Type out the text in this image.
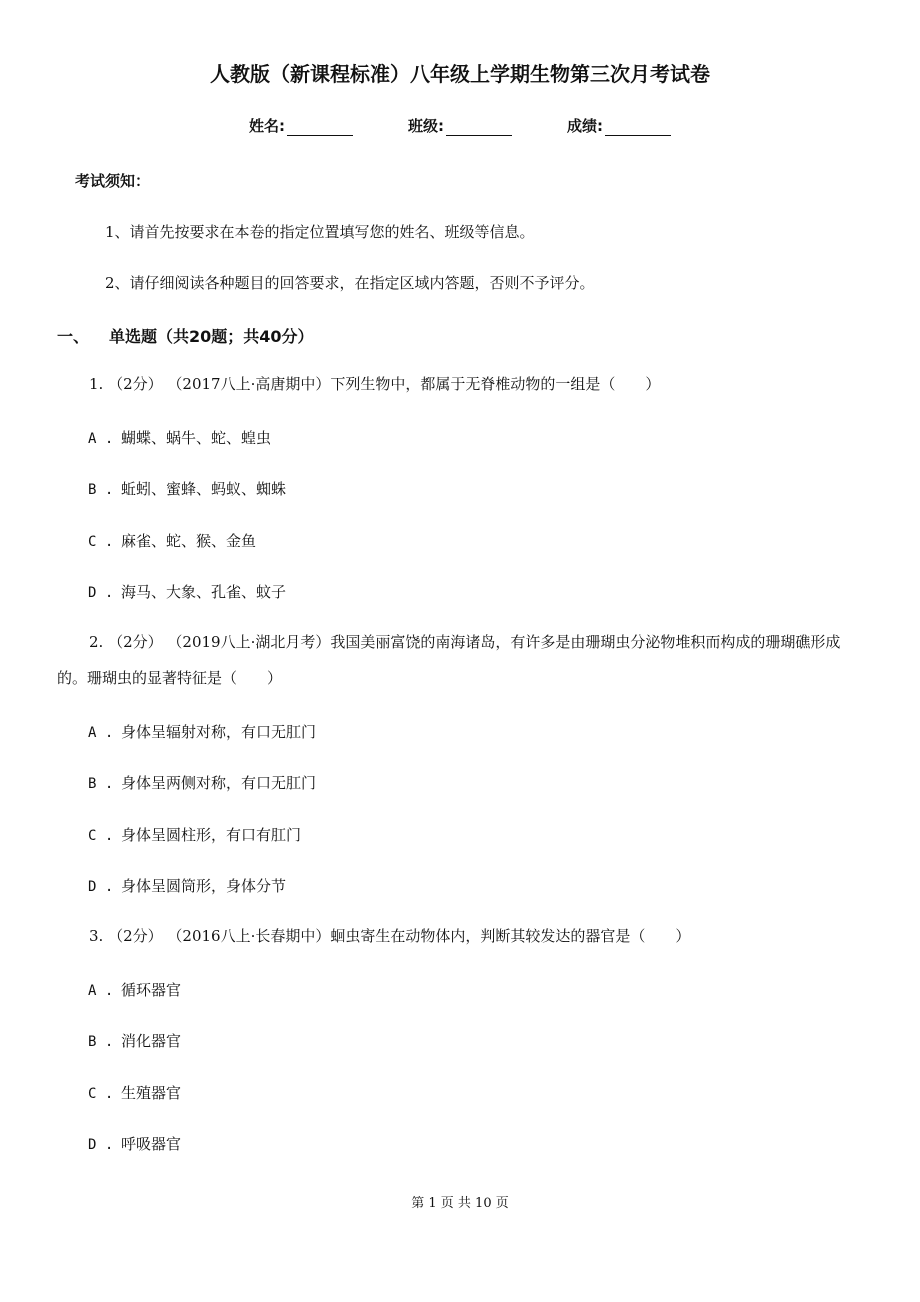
人教版（新课程标准）八年级上学期生物第三次月考试卷
姓名:	班级:	成绩:
考试须知：
1、请首先按要求在本卷的指定位置填写您的姓名、班级等信息。
2、请仔细阅读各种题目的回答要求，在指定区域内答题，否则不予评分。
一、 单选题（共20题；共40分）
1. （2分） （2017八上·高唐期中）下列生物中，都属于无脊椎动物的一组是（　　）
A . 蝴蝶、蜗牛、蛇、蝗虫
B . 蚯蚓、蜜蜂、蚂蚁、蜘蛛
C . 麻雀、蛇、猴、金鱼
D . 海马、大象、孔雀、蚊子
2. （2分） （2019八上·湖北月考）我国美丽富饶的南海诸岛，有许多是由珊瑚虫分泌物堆积而构成的珊瑚礁形成的。珊瑚虫的显著特征是（　　）
A . 身体呈辐射对称，有口无肛门
B . 身体呈两侧对称，有口无肛门
C . 身体呈圆柱形，有口有肛门
D . 身体呈圆筒形，身体分节
3. （2分） （2016八上·长春期中）蛔虫寄生在动物体内，判断其较发达的器官是（　　）
A . 循环器官
B . 消化器官
C . 生殖器官
D . 呼吸器官
第 1 页 共 10 页
